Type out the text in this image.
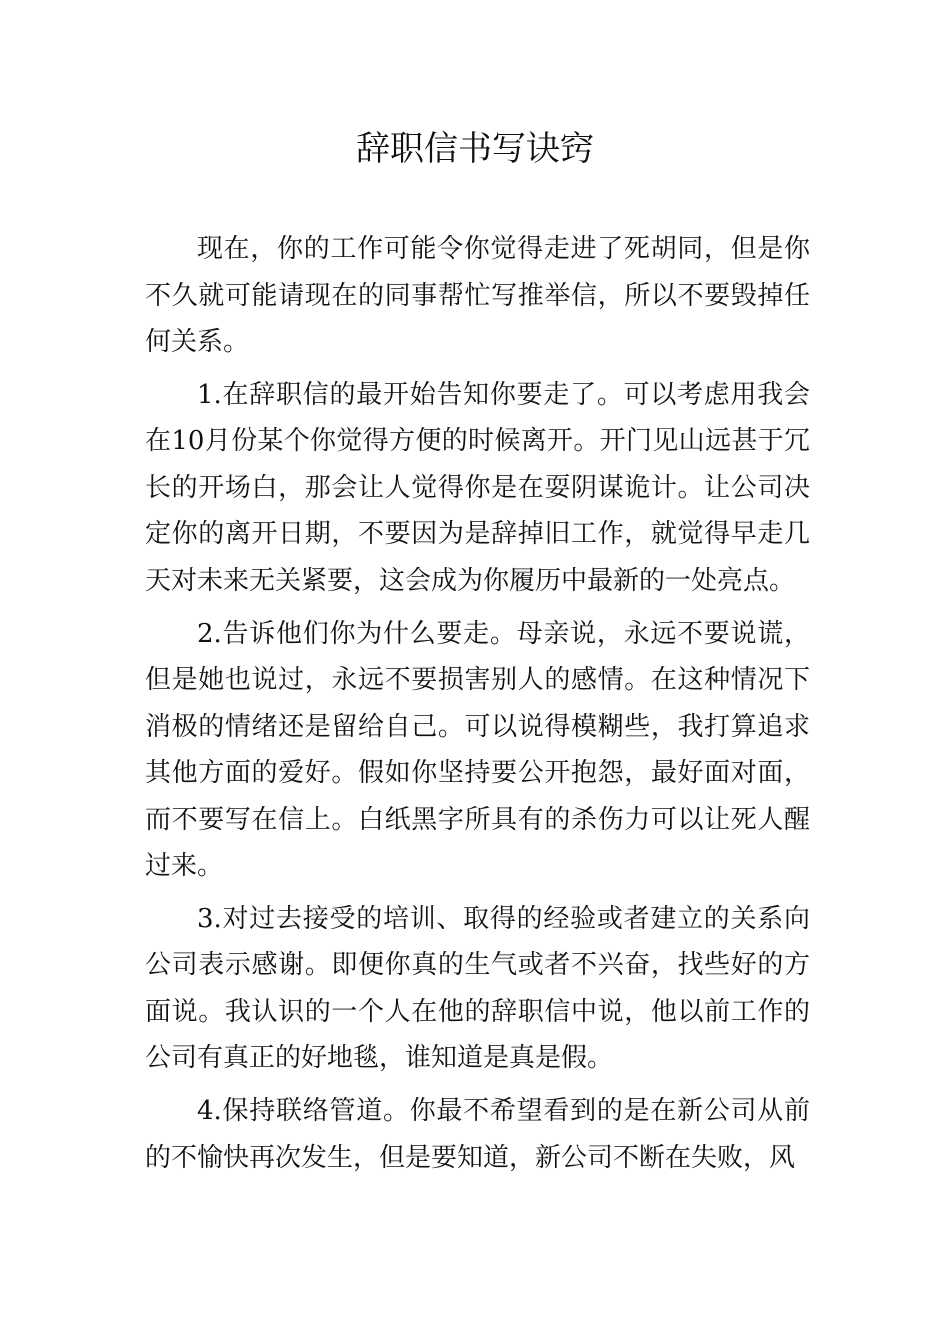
辞职信书写诀窍

现在，你的工作可能令你觉得走进了死胡同，但是你不久就可能请现在的同事帮忙写推举信，所以不要毁掉任何关系。

1.在辞职信的最开始告知你要走了。可以考虑用我会在10月份某个你觉得方便的时候离开。开门见山远甚于冗长的开场白，那会让人觉得你是在耍阴谋诡计。让公司决定你的离开日期，不要因为是辞掉旧工作，就觉得早走几天对未来无关紧要，这会成为你履历中最新的一处亮点。

2.告诉他们你为什么要走。母亲说，永远不要说谎，但是她也说过，永远不要损害别人的感情。在这种情况下消极的情绪还是留给自己。可以说得模糊些，我打算追求其他方面的爱好。假如你坚持要公开抱怨，最好面对面，而不要写在信上。白纸黑字所具有的杀伤力可以让死人醒过来。

3.对过去接受的培训、取得的经验或者建立的关系向公司表示感谢。即便你真的生气或者不兴奋，找些好的方面说。我认识的一个人在他的辞职信中说，他以前工作的公司有真正的好地毯，谁知道是真是假。

4.保持联络管道。你最不希望看到的是在新公司从前的不愉快再次发生，但是要知道，新公司不断在失败，风
